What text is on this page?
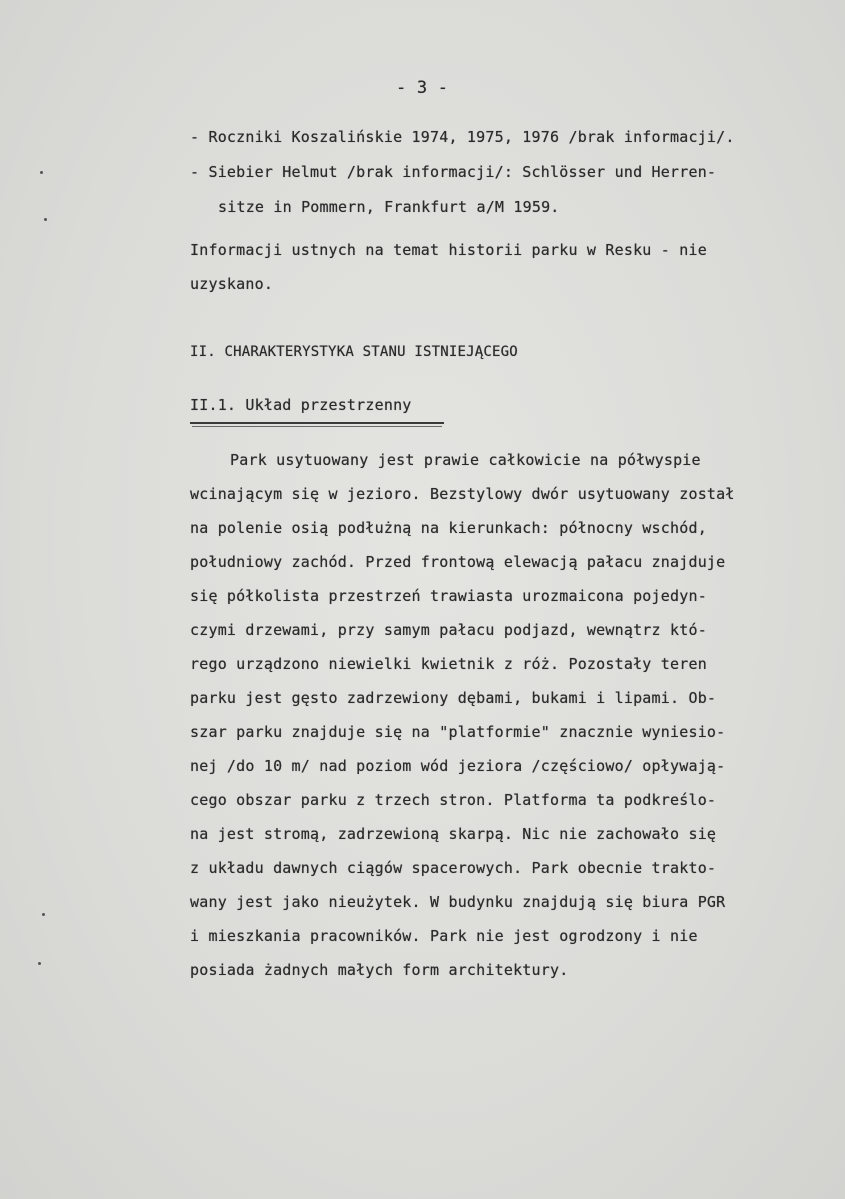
- 3 -
- Roczniki Koszalińskie 1974, 1975, 1976 /brak informacji/.
- Siebier Helmut /brak informacji/: Schlösser und Herren-
sitze in Pommern, Frankfurt a/M 1959.
Informacji ustnych na temat historii parku w Resku - nie
uzyskano.
II. CHARAKTERYSTYKA STANU ISTNIEJĄCEGO
II.1. Układ przestrzenny
Park usytuowany jest prawie całkowicie na półwyspie
wcinającym się w jezioro. Bezstylowy dwór usytuowany został
na polenie osią podłużną na kierunkach: północny wschód,
południowy zachód. Przed frontową elewacją pałacu znajduje
się półkolista przestrzeń trawiasta urozmaicona pojedyn-
czymi drzewami, przy samym pałacu podjazd, wewnątrz któ-
rego urządzono niewielki kwietnik z róż. Pozostały teren
parku jest gęsto zadrzewiony dębami, bukami i lipami. Ob-
szar parku znajduje się na "platformie" znacznie wyniesio-
nej /do 10 m/ nad poziom wód jeziora /częściowo/ opływają-
cego obszar parku z trzech stron. Platforma ta podkreślo-
na jest stromą, zadrzewioną skarpą. Nic nie zachowało się
z układu dawnych ciągów spacerowych. Park obecnie trakto-
wany jest jako nieużytek. W budynku znajdują się biura PGR
i mieszkania pracowników. Park nie jest ogrodzony i nie
posiada żadnych małych form architektury.
